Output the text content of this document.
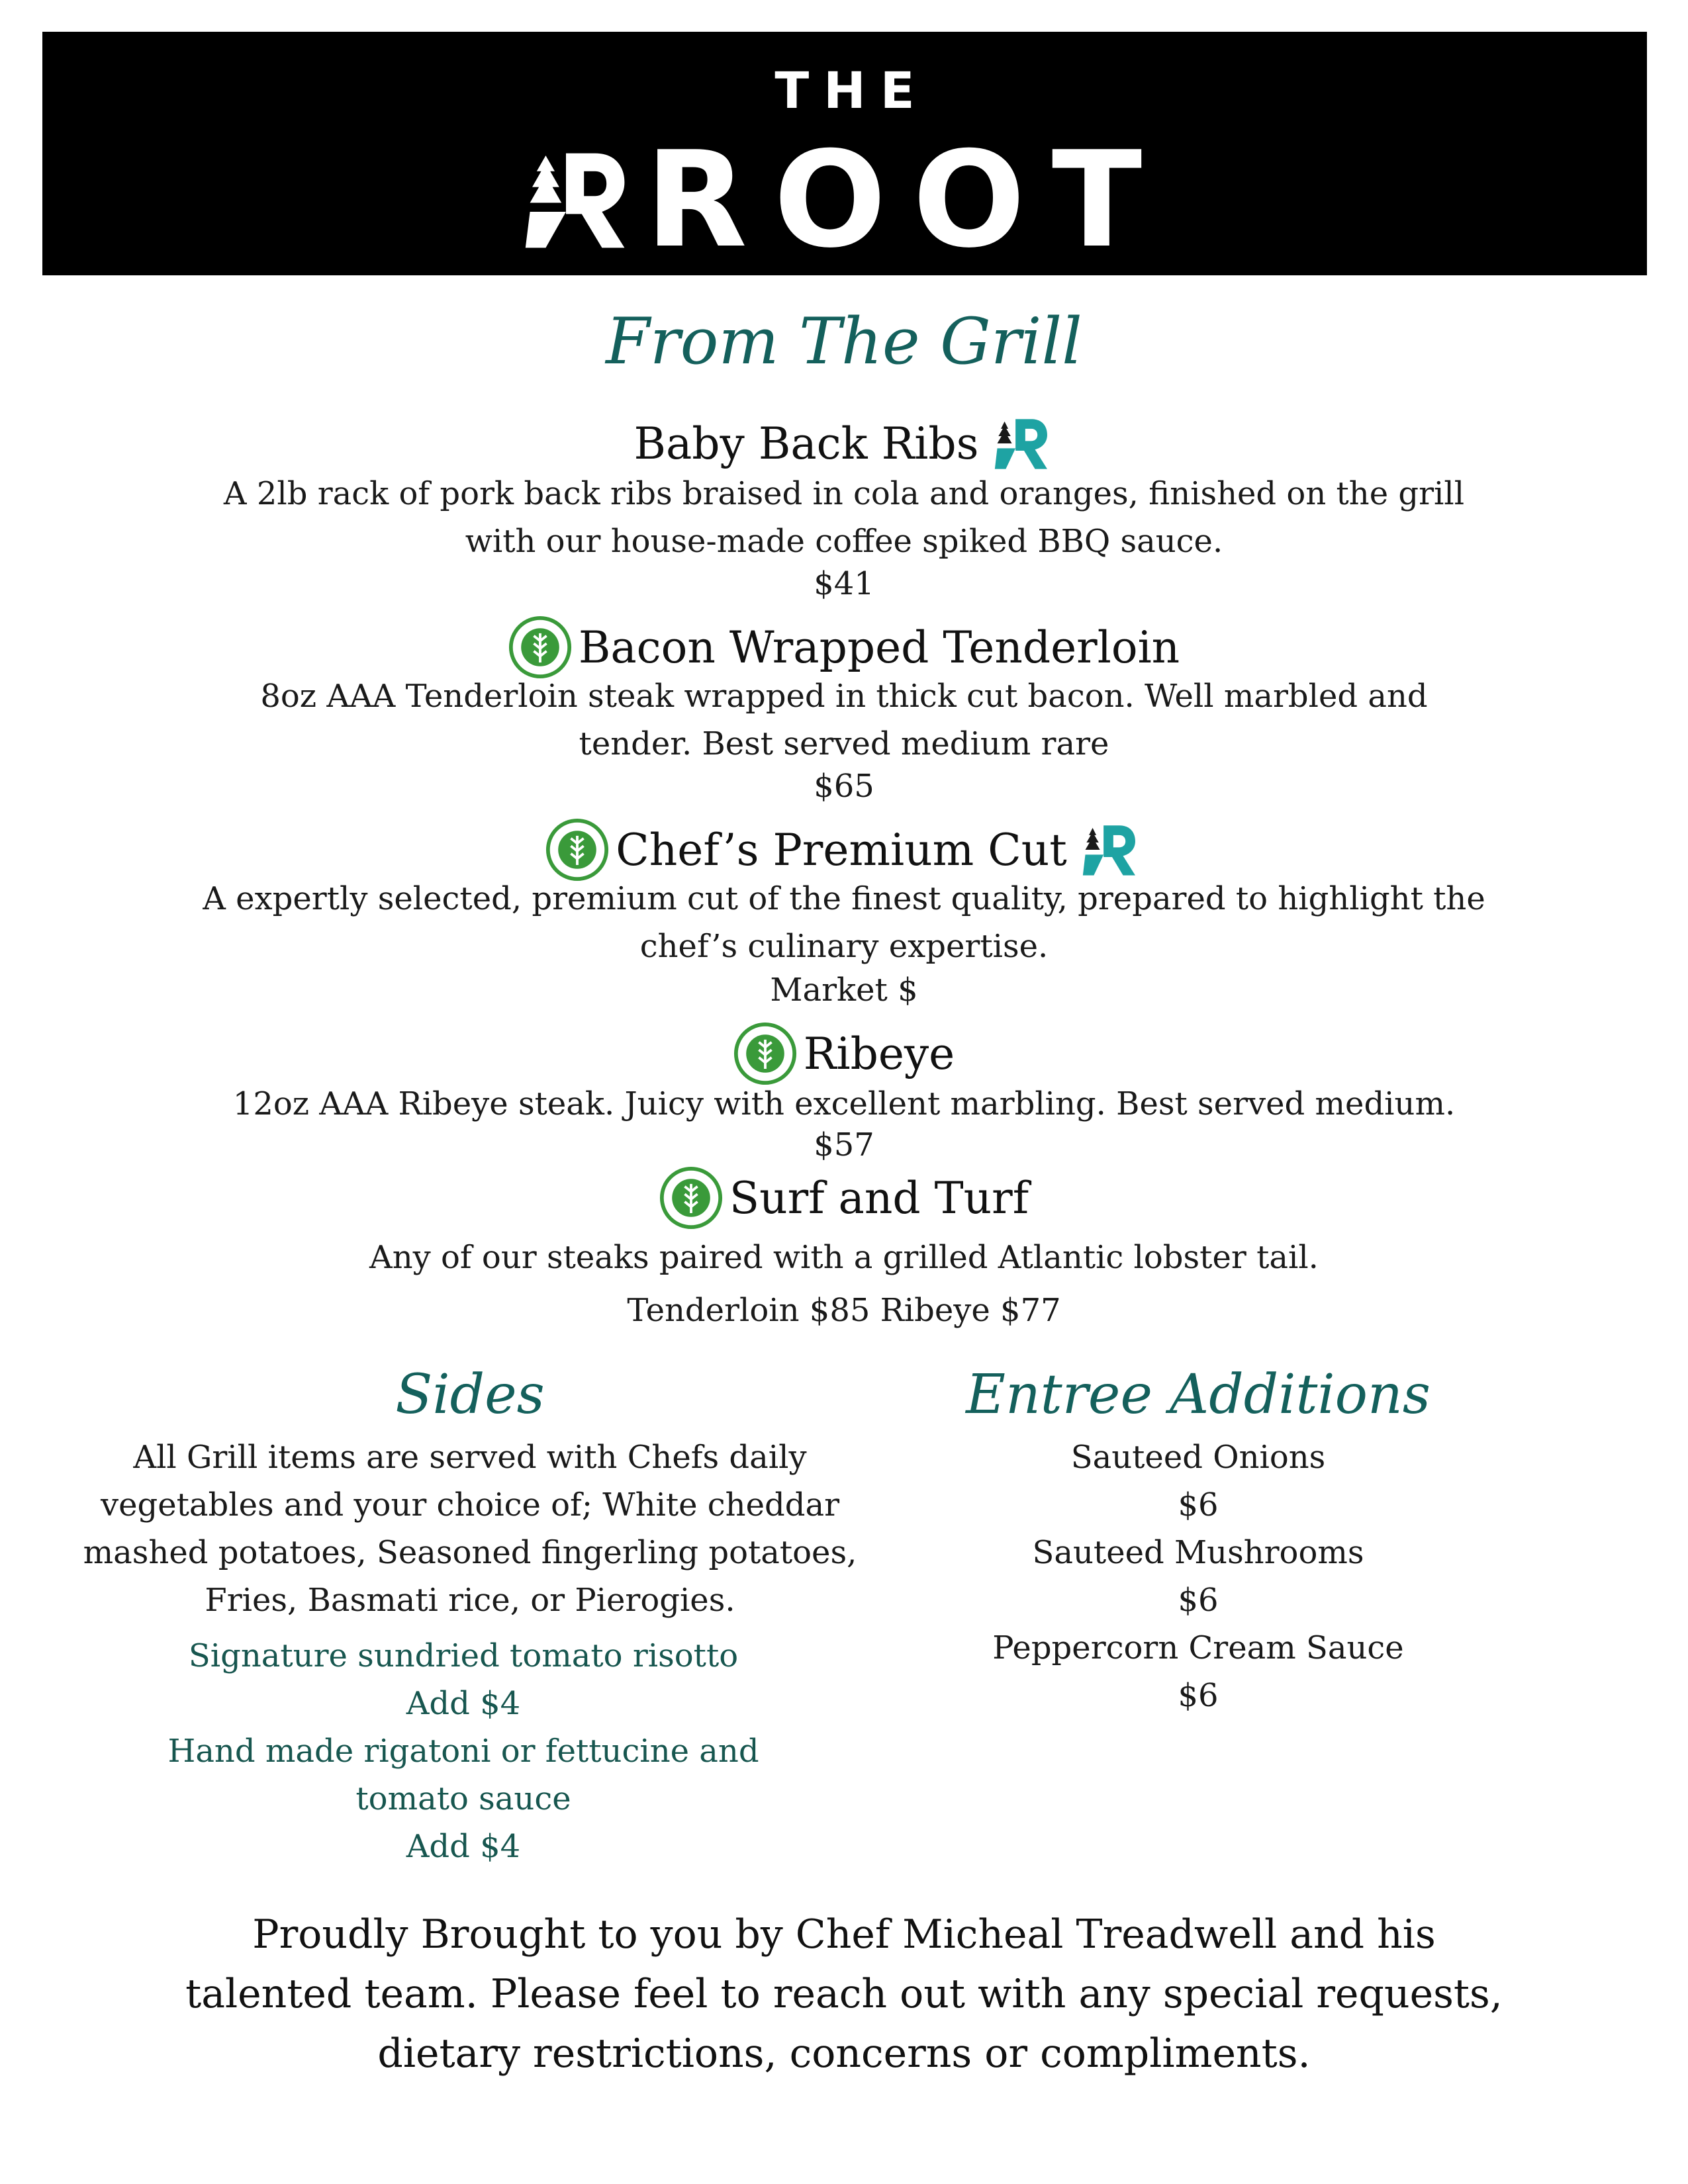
THE
ROOT
From The Grill
Baby Back Ribs
A 2lb rack of pork back ribs braised in cola and oranges, finished on the grill with our house-made coffee spiked BBQ sauce.
$41
Bacon Wrapped Tenderloin
8oz AAA Tenderloin steak wrapped in thick cut bacon. Well marbled and tender. Best served medium rare
$65
Chef’s Premium Cut
A expertly selected, premium cut of the finest quality, prepared to highlight the chef’s culinary expertise.
Market $
Ribeye
12oz AAA Ribeye steak. Juicy with excellent marbling. Best served medium.
$57
Surf and Turf
Any of our steaks paired with a grilled Atlantic lobster tail.
Tenderloin $85 Ribeye $77
Sides
All Grill items are served with Chefs daily vegetables and your choice of; White cheddar mashed potatoes, Seasoned fingerling potatoes, Fries, Basmati rice, or Pierogies.
Signature sundried tomato risotto
Add $4
Hand made rigatoni or fettucine and tomato sauce
Add $4
Entree Additions
Sauteed Onions
$6
Sauteed Mushrooms
$6
Peppercorn Cream Sauce
$6
Proudly Brought to you by Chef Micheal Treadwell and his talented team. Please feel to reach out with any special requests, dietary restrictions, concerns or compliments.
